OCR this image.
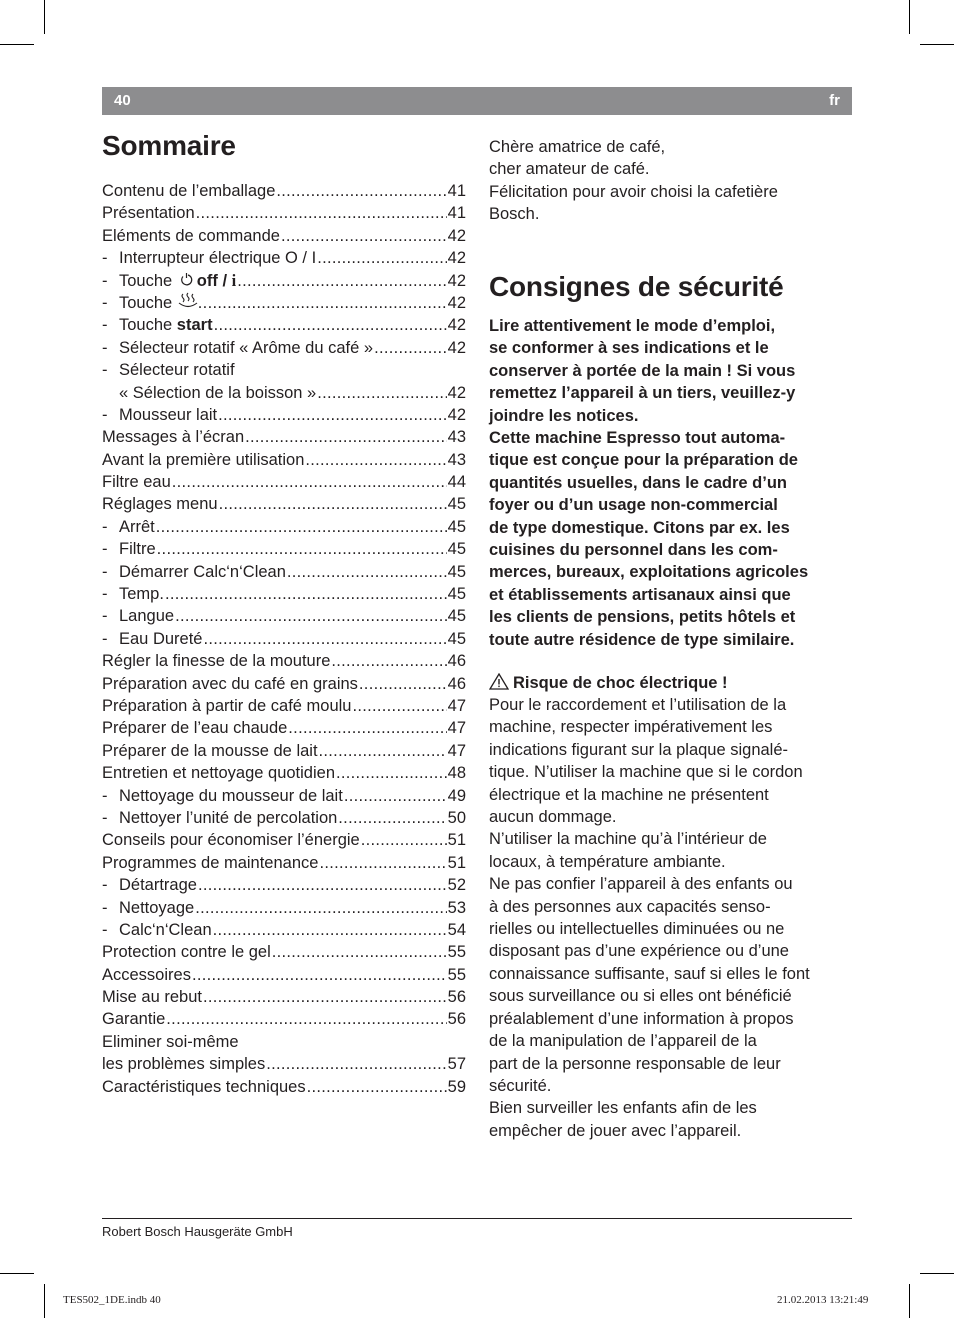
40	fr
Sommaire
Contenu de l’emballage .....	41
Présentation .....	41
Eléments de commande .....	42
- Interrupteur électrique O / I .....	42
- Touche off / i .....	42
- Touche .....	42
- Touche start .....	42
- Sélecteur rotatif « Arôme du café » .....	42
- Sélecteur rotatif
« Sélection de la boisson » .....	42
- Mousseur lait .....	42
Messages à l’écran .....	43
Avant la première utilisation .....	43
Filtre eau .....	44
Réglages menu .....	45
- Arrêt .....	45
- Filtre .....	45
- Démarrer Calc‘n‘Clean .....	45
- Temp. .....	45
- Langue .....	45
- Eau Dureté .....	45
Régler la finesse de la mouture .....	46
Préparation avec du café en grains .....	46
Préparation à partir de café moulu .....	47
Préparer de l’eau chaude .....	47
Préparer de la mousse de lait .....	47
Entretien et nettoyage quotidien .....	48
- Nettoyage du mousseur de lait .....	49
- Nettoyer l’unité de percolation .....	50
Conseils pour économiser l’énergie .....	51
Programmes de maintenance .....	51
- Détartrage .....	52
- Nettoyage .....	53
- Calc‘n‘Clean .....	54
Protection contre le gel .....	55
Accessoires .....	55
Mise au rebut .....	56
Garantie .....	56
Eliminer soi-même
les problèmes simples .....	57
Caractéristiques techniques .....	59

Chère amatrice de café,

cher amateur de café.

Félicitation pour avoir choisi la cafetière

Bosch.

Consignes de sécurité

Lire attentivement le mode d’emploi,

se conformer à ses indications et le

conserver à portée de la main ! Si vous

remettez l’appareil à un tiers, veuillez-y

joindre les notices.

Cette machine Espresso tout automa-

tique est conçue pour la préparation de

quantités usuelles, dans le cadre d’un

foyer ou d’un usage non-commercial

de type domestique. Citons par ex. les

cuisines du personnel dans les com-

merces, bureaux, exploitations agricoles

et établissements artisanaux ainsi que

les clients de pensions, petits hôtels et

toute autre résidence de type similaire.

Risque de choc électrique !

Pour le raccordement et l’utilisation de la

machine, respecter impérativement les

indications figurant sur la plaque signalé-

tique. N’utiliser la machine que si le cordon

électrique et la machine ne présentent

aucun dommage.

N’utiliser la machine qu’à l’intérieur de

locaux, à température ambiante.

Ne pas confier l’appareil à des enfants ou

à des personnes aux capacités senso-

rielles ou intellectuelles diminuées ou ne

disposant pas d’une expérience ou d’une

connaissance suffisante, sauf si elles le font

sous surveillance ou si elles ont bénéficié

préalablement d’une information à propos

de la manipulation de l’appareil de la

part de la personne responsable de leur

sécurité.

Bien surveiller les enfants afin de les

empêcher de jouer avec l’appareil.

Robert Bosch Hausgeräte GmbH
TES502_1DE.indb 40	21.02.2013 13:21:49
